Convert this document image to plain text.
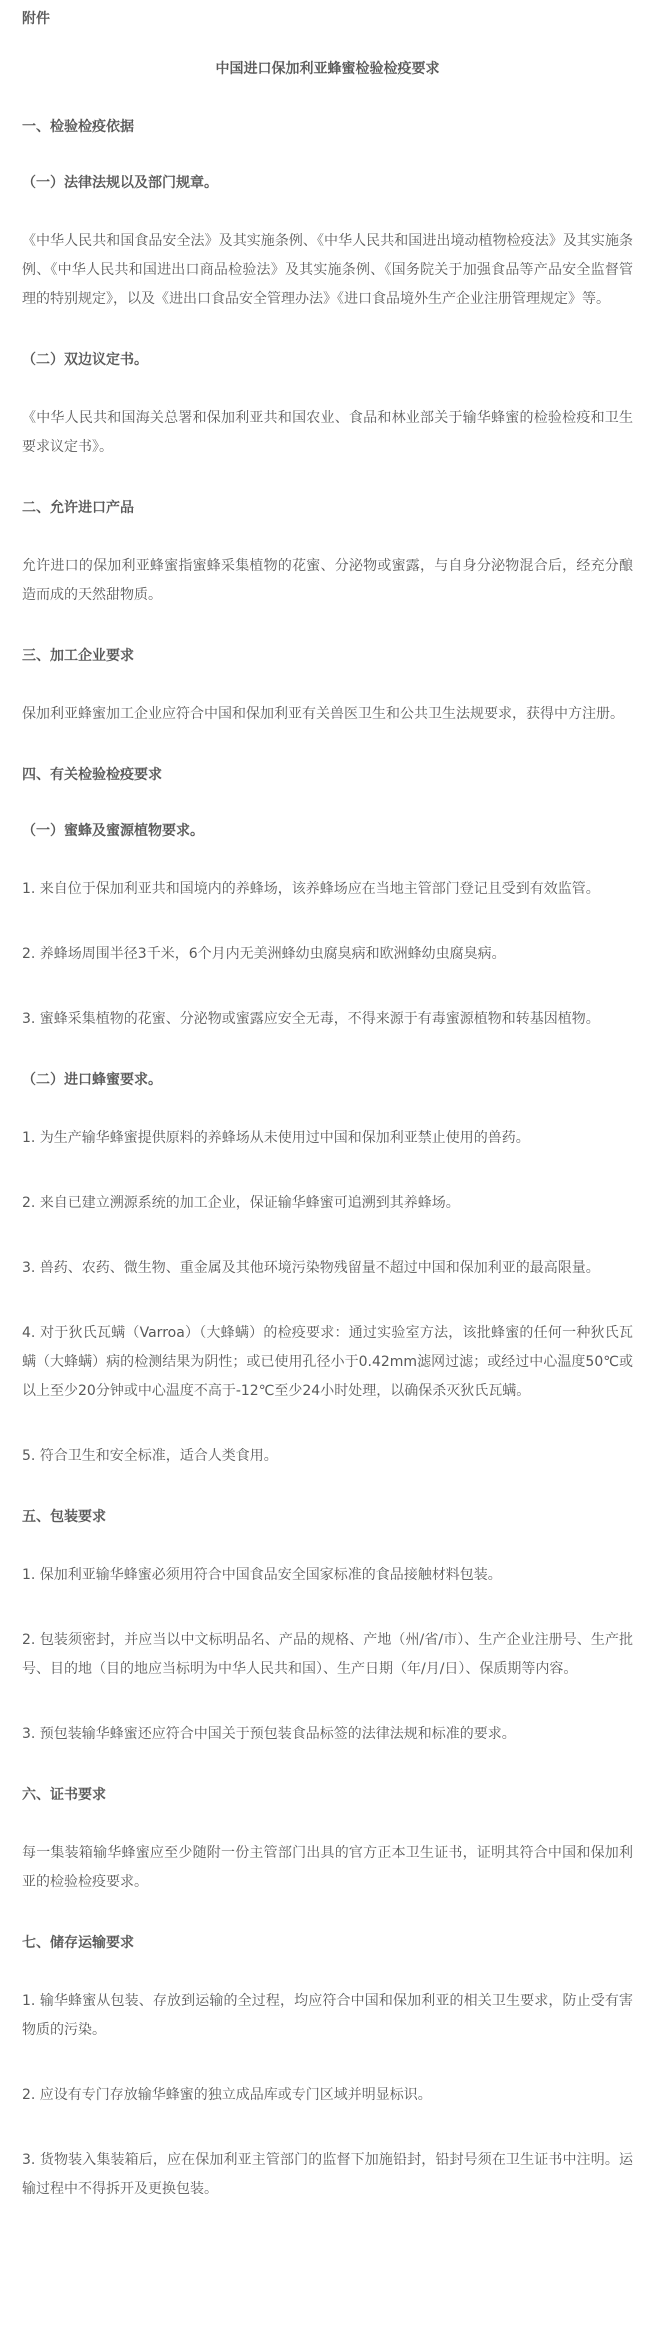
附件

中国进口保加利亚蜂蜜检验检疫要求

一、检验检疫依据

（一）法律法规以及部门规章。

《中华人民共和国食品安全法》及其实施条例、《中华人民共和国进出境动植物检疫法》及其实施条例、《中华人民共和国进出口商品检验法》及其实施条例、《国务院关于加强食品等产品安全监督管理的特别规定》，以及《进出口食品安全管理办法》《进口食品境外生产企业注册管理规定》等。

（二）双边议定书。

《中华人民共和国海关总署和保加利亚共和国农业、食品和林业部关于输华蜂蜜的检验检疫和卫生要求议定书》。

二、允许进口产品

允许进口的保加利亚蜂蜜指蜜蜂采集植物的花蜜、分泌物或蜜露，与自身分泌物混合后，经充分酿造而成的天然甜物质。

三、加工企业要求

保加利亚蜂蜜加工企业应符合中国和保加利亚有关兽医卫生和公共卫生法规要求，获得中方注册。

四、有关检验检疫要求

（一）蜜蜂及蜜源植物要求。

1. 来自位于保加利亚共和国境内的养蜂场，该养蜂场应在当地主管部门登记且受到有效监管。

2. 养蜂场周围半径3千米，6个月内无美洲蜂幼虫腐臭病和欧洲蜂幼虫腐臭病。

3. 蜜蜂采集植物的花蜜、分泌物或蜜露应安全无毒，不得来源于有毒蜜源植物和转基因植物。

（二）进口蜂蜜要求。

1. 为生产输华蜂蜜提供原料的养蜂场从未使用过中国和保加利亚禁止使用的兽药。

2. 来自已建立溯源系统的加工企业，保证输华蜂蜜可追溯到其养蜂场。

3. 兽药、农药、微生物、重金属及其他环境污染物残留量不超过中国和保加利亚的最高限量。

4. 对于狄氏瓦螨（Varroa）（大蜂螨）的检疫要求：通过实验室方法，该批蜂蜜的任何一种狄氏瓦螨（大蜂螨）病的检测结果为阴性；或已使用孔径小于0.42mm滤网过滤；或经过中心温度50℃或以上至少20分钟或中心温度不高于-12℃至少24小时处理，以确保杀灭狄氏瓦螨。

5. 符合卫生和安全标准，适合人类食用。

五、包装要求

1. 保加利亚输华蜂蜜必须用符合中国食品安全国家标准的食品接触材料包装。

2. 包装须密封，并应当以中文标明品名、产品的规格、产地（州/省/市）、生产企业注册号、生产批号、目的地（目的地应当标明为中华人民共和国）、生产日期（年/月/日）、保质期等内容。

3. 预包装输华蜂蜜还应符合中国关于预包装食品标签的法律法规和标准的要求。

六、证书要求

每一集装箱输华蜂蜜应至少随附一份主管部门出具的官方正本卫生证书，证明其符合中国和保加利亚的检验检疫要求。

七、储存运输要求

1. 输华蜂蜜从包装、存放到运输的全过程，均应符合中国和保加利亚的相关卫生要求，防止受有害物质的污染。

2. 应设有专门存放输华蜂蜜的独立成品库或专门区域并明显标识。

3. 货物装入集装箱后，应在保加利亚主管部门的监督下加施铅封，铅封号须在卫生证书中注明。运输过程中不得拆开及更换包装。
